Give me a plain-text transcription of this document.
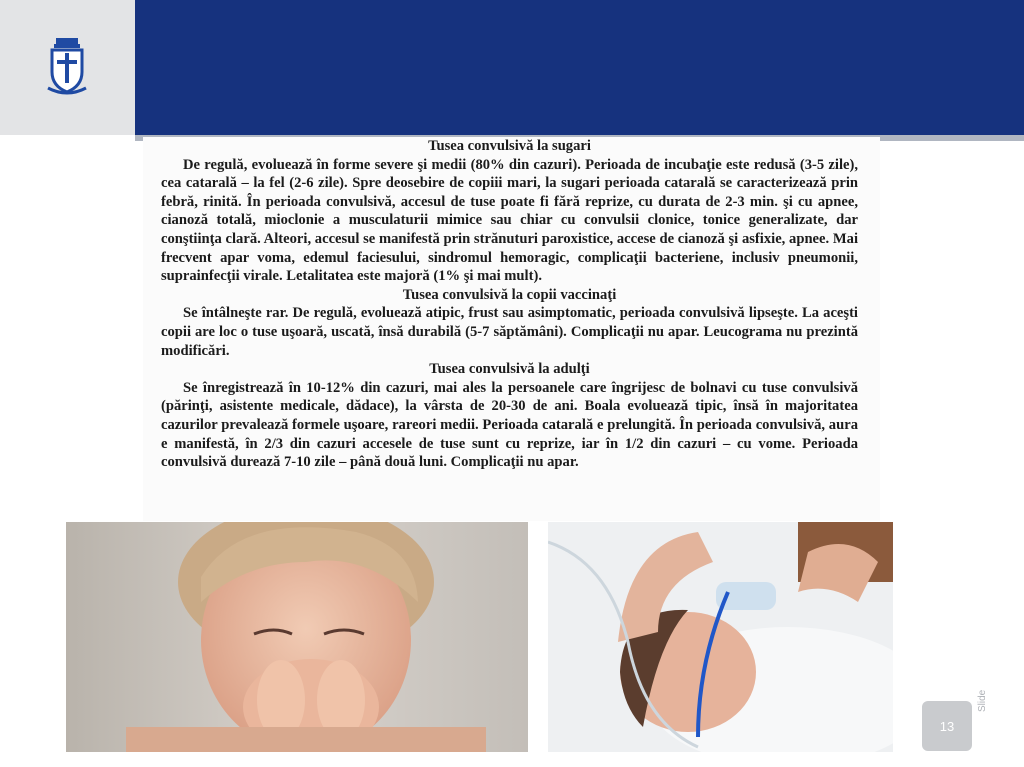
Tusea convulsivă la sugari

De regulă, evoluează în forme severe şi medii (80% din cazuri). Perioada de incubaţie este redusă (3-5 zile), cea catarală – la fel (2-6 zile). Spre deosebire de copiii mari, la sugari perioada catarală se caracterizează prin febră, rinită. În perioada convulsivă, accesul de tuse poate fi fără reprize, cu durata de 2-3 min. şi cu apnee, cianoză totală, mioclonie a musculaturii mimice sau chiar cu convulsii clonice, tonice generalizate, dar conştiinţa clară. Alteori, accesul se manifestă prin strănuturi paroxistice, accese de cianoză şi asfixie, apnee. Mai frecvent apar voma, edemul faciesului, sindromul hemoragic, complicaţii bacteriene, inclusiv pneumonii, suprainfecţii virale. Letalitatea este majoră (1% şi mai mult).

Tusea convulsivă la copii vaccinaţi

Se întâlneşte rar. De regulă, evoluează atipic, frust sau asimptomatic, perioada convulsivă lipseşte. La aceşti copii are loc o tuse uşoară, uscată, însă durabilă (5-7 săptămâni). Complicaţii nu apar. Leucograma nu prezintă modificări.

Tusea convulsivă la adulţi

Se înregistrează în 10-12% din cazuri, mai ales la persoanele care îngrijesc de bolnavi cu tuse convulsivă (părinţi, asistente medicale, dădace), la vârsta de 20-30 de ani. Boala evoluează tipic, însă în majoritatea cazurilor prevalează formele uşoare, rareori medii. Perioada catarală e prelungită. În perioada convulsivă, aura e manifestă, în 2/3 din cazuri accesele de tuse sunt cu reprize, iar în 1/2 din cazuri – cu vome. Perioada convulsivă durează 7-10 zile – până două luni. Complicaţii nu apar.

13
Slide
